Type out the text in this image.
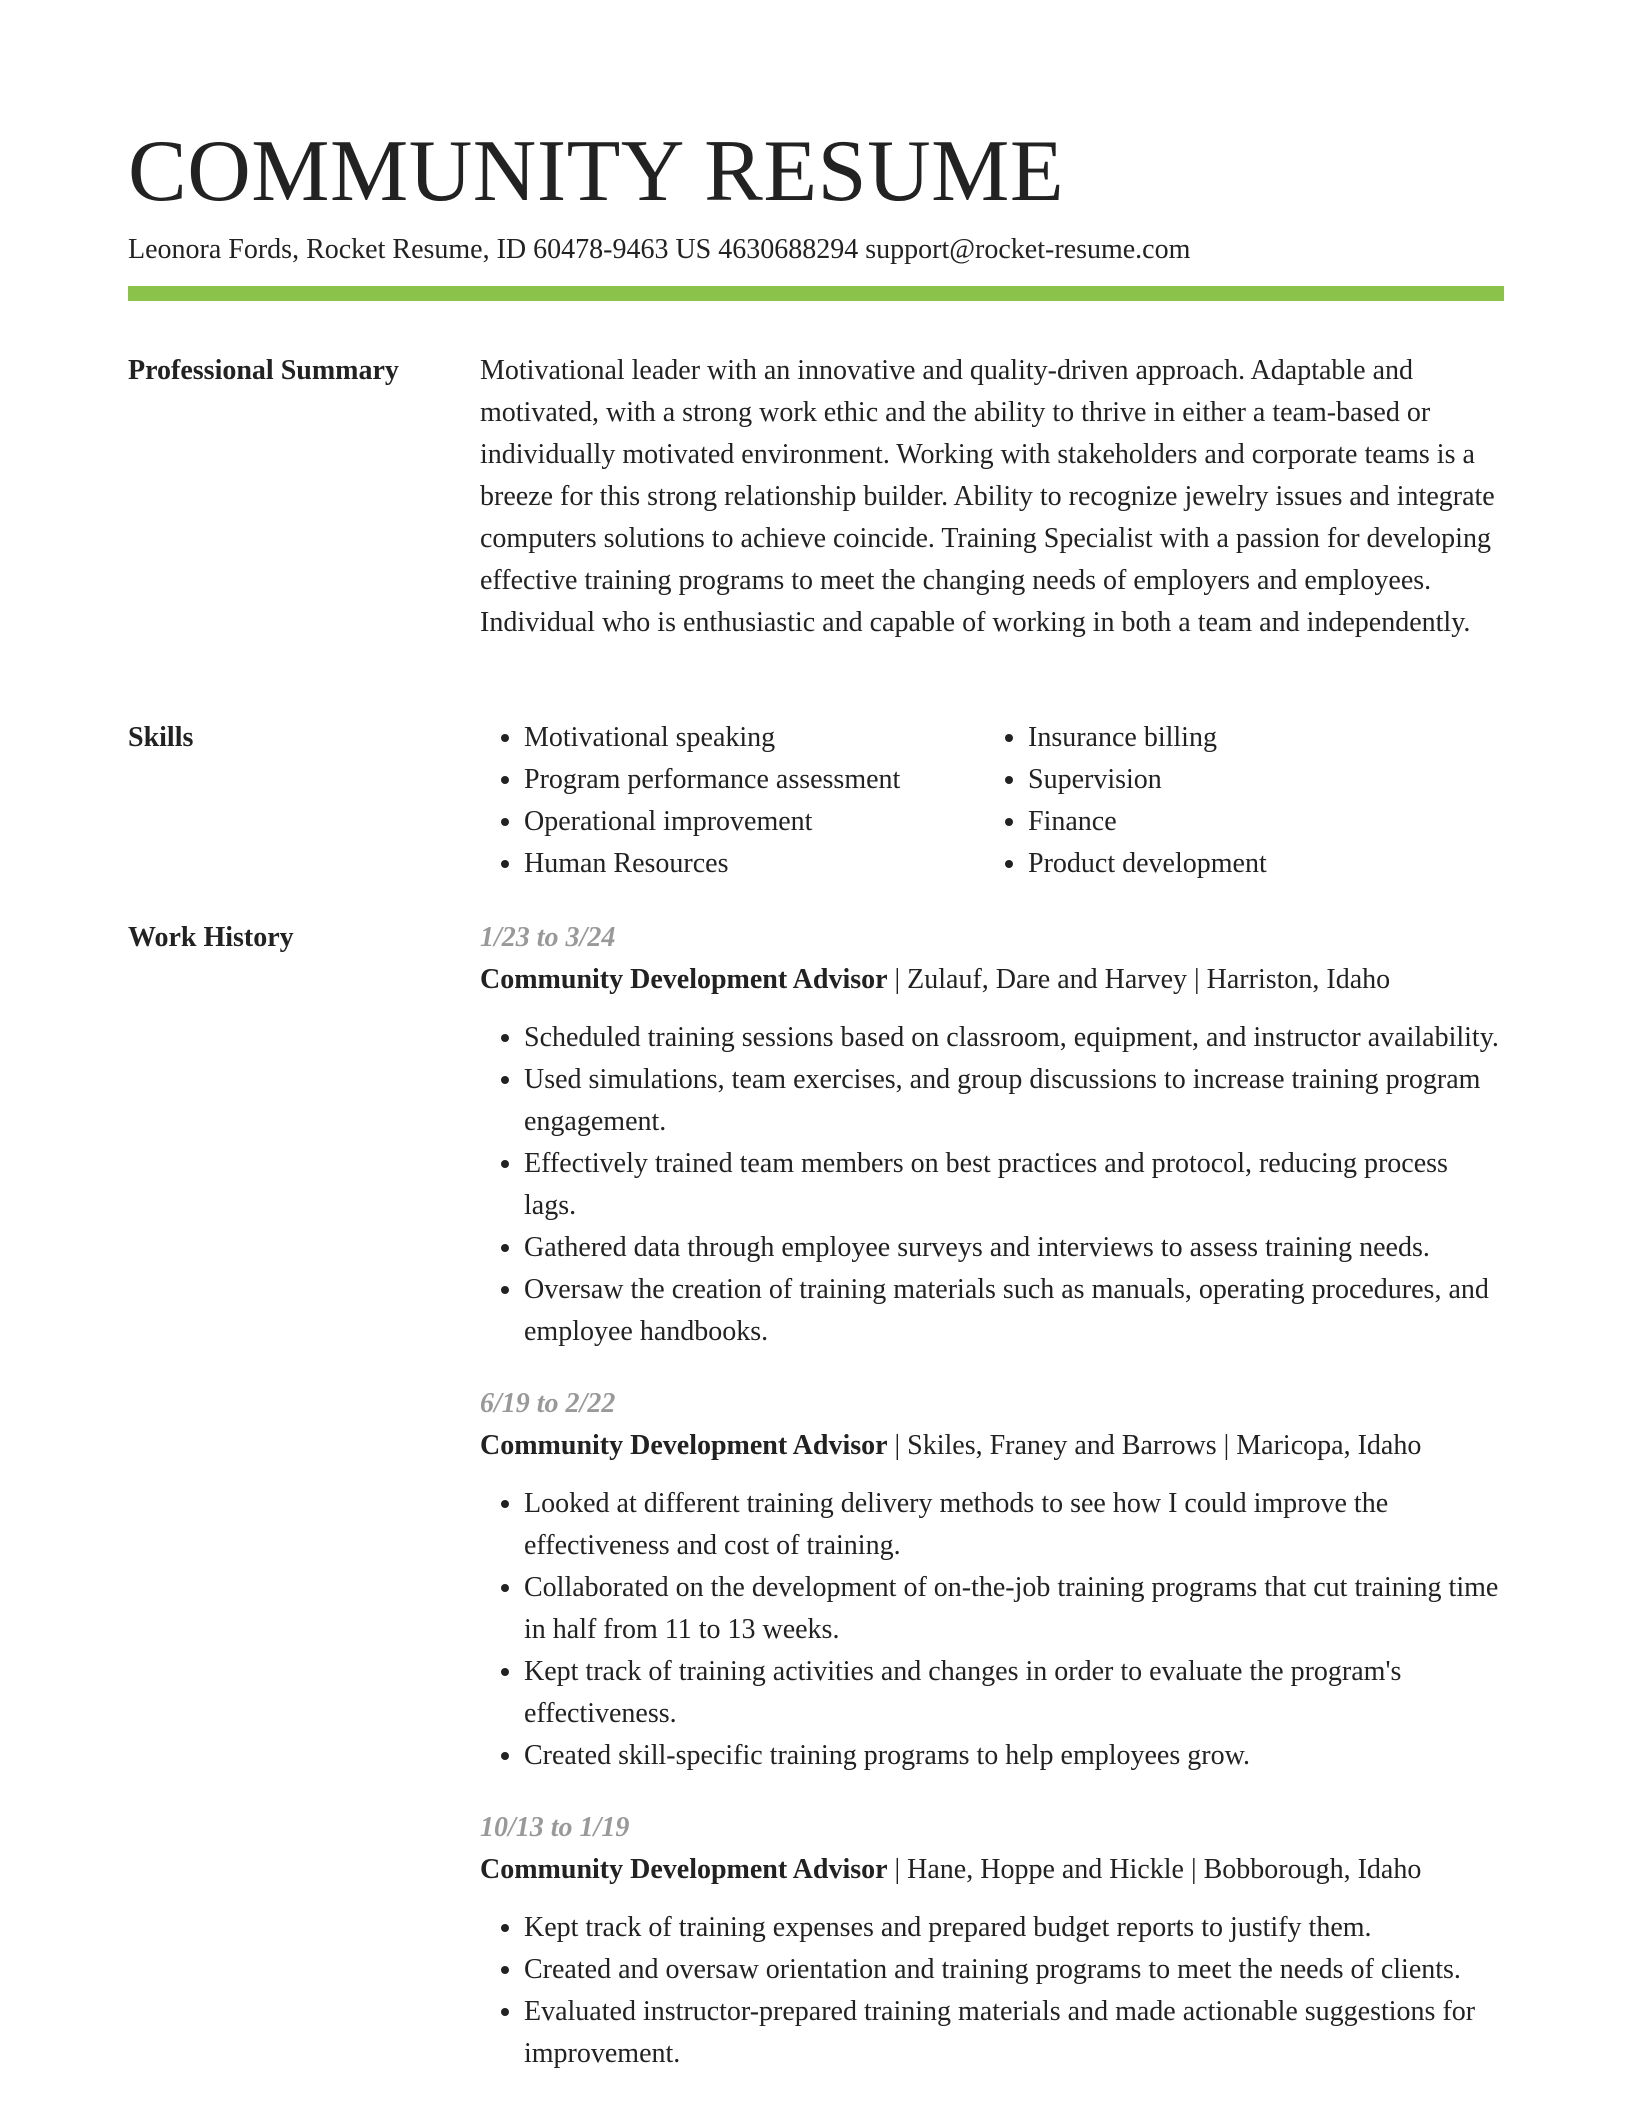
COMMUNITY RESUME
Leonora Fords, Rocket Resume, ID 60478-9463 US 4630688294 support@rocket-resume.com
Professional Summary	Motivational leader with an innovative and quality-driven approach. Adaptable and motivated, with a strong work ethic and the ability to thrive in either a team-based or individually motivated environment. Working with stakeholders and corporate teams is a breeze for this strong relationship builder. Ability to recognize jewelry issues and integrate computers solutions to achieve coincide. Training Specialist with a passion for developing effective training programs to meet the changing needs of employers and employees. Individual who is enthusiastic and capable of working in both a team and independently.

Skills
•	Motivational speaking
• Program performance assessment
• Operational improvement
• Human Resources
• Insurance billing
• Supervision
• Finance
• Product development
Work History	1/23 to 3/24
Community Development Advisor | Zulauf, Dare and Harvey | Harriston, Idaho
• Scheduled training sessions based on classroom, equipment, and instructor availability.
• Used simulations, team exercises, and group discussions to increase training program engagement.
• Effectively trained team members on best practices and protocol, reducing process lags.
• Gathered data through employee surveys and interviews to assess training needs.
• Oversaw the creation of training materials such as manuals, operating procedures, and employee handbooks.
6/19 to 2/22
Community Development Advisor | Skiles, Franey and Barrows | Maricopa, Idaho
• Looked at different training delivery methods to see how I could improve the effectiveness and cost of training.
• Collaborated on the development of on-the-job training programs that cut training time in half from 11 to 13 weeks.
• Kept track of training activities and changes in order to evaluate the program's effectiveness.
• Created skill-specific training programs to help employees grow.
10/13 to 1/19
Community Development Advisor | Hane, Hoppe and Hickle | Bobborough, Idaho
• Kept track of training expenses and prepared budget reports to justify them.
• Created and oversaw orientation and training programs to meet the needs of clients.
• Evaluated instructor-prepared training materials and made actionable suggestions for improvement.
